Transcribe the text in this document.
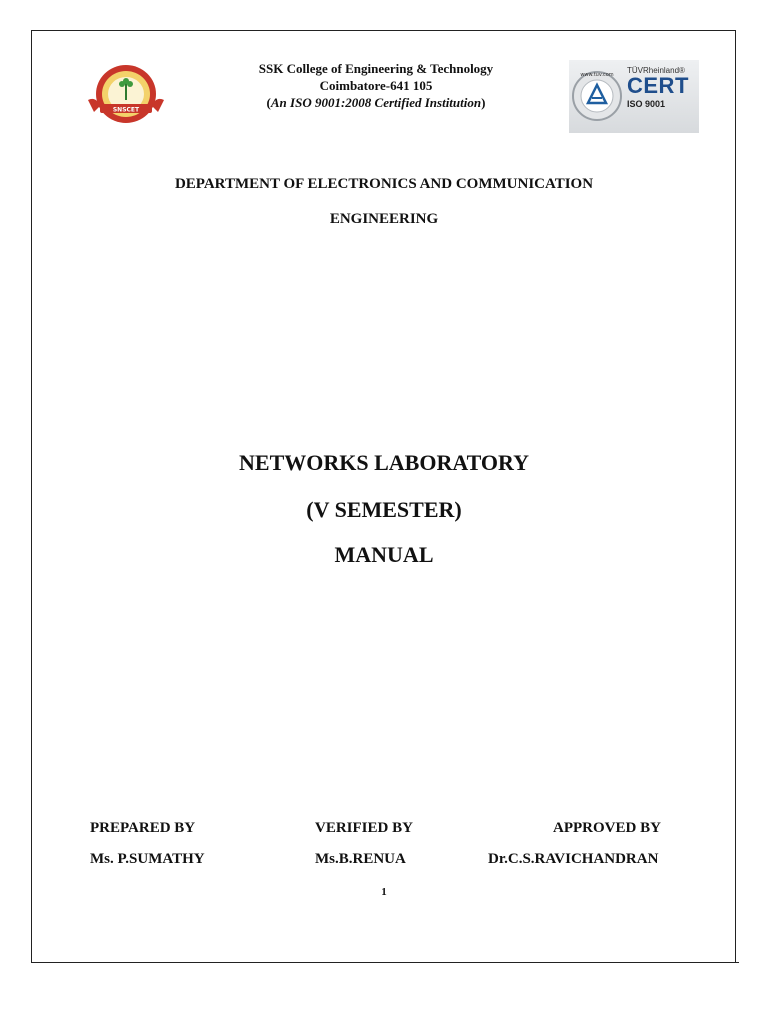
SNSCET
SSK College of Engineering & Technology
Coimbatore-641 105
(An ISO 9001:2008 Certified Institution)
www.tuv.com TÜVRheinland®
CERT
ISO 9001
DEPARTMENT OF ELECTRONICS AND COMMUNICATION
ENGINEERING
NETWORKS LABORATORY
(V SEMESTER)
MANUAL
PREPARED BY	VERIFIED BY	APPROVED BY
Ms. P.SUMATHY	Ms.B.RENUA	Dr.C.S.RAVICHANDRAN
1
